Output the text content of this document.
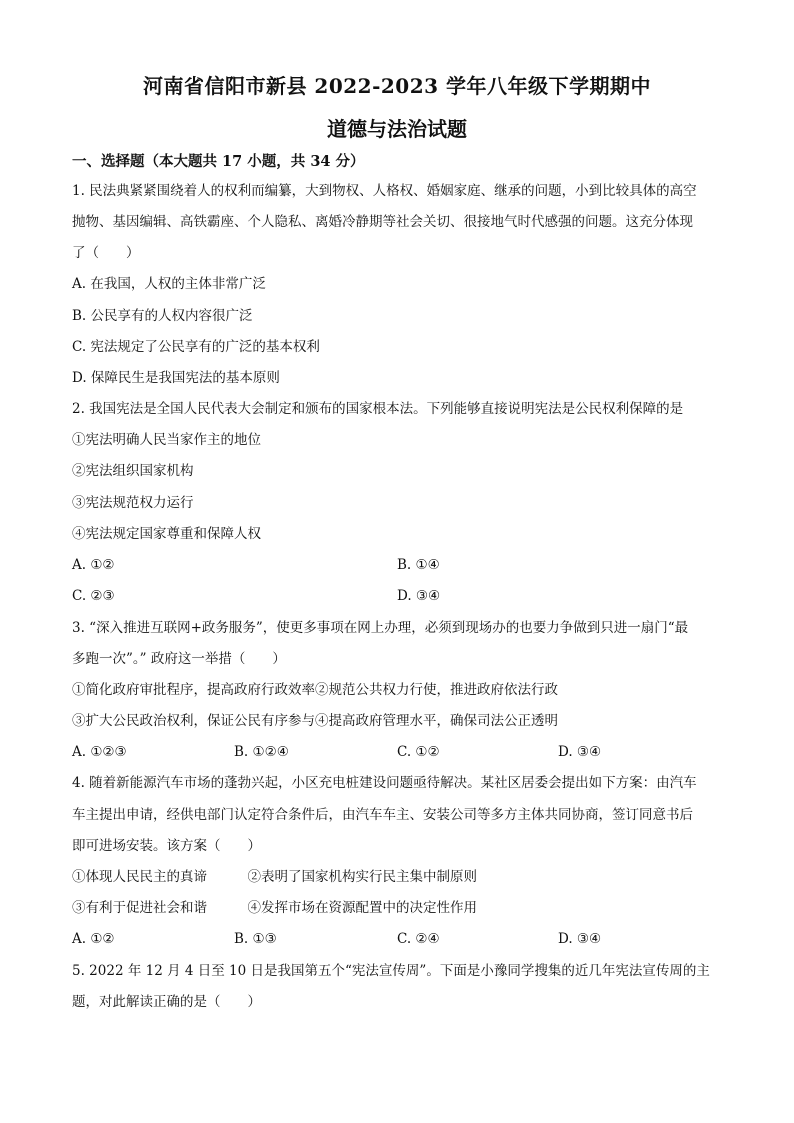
河南省信阳市新县 2022-2023 学年八年级下学期期中
道德与法治试题
一、选择题（本大题共 17 小题，共 34 分）
1. 民法典紧紧围绕着人的权利而编纂，大到物权、人格权、婚姻家庭、继承的问题，小到比较具体的高空
抛物、基因编辑、高铁霸座、个人隐私、离婚冷静期等社会关切、很接地气时代感强的问题。这充分体现
了（　　）
A. 在我国，人权的主体非常广泛
B. 公民享有的人权内容很广泛
C. 宪法规定了公民享有的广泛的基本权利
D. 保障民生是我国宪法的基本原则
2. 我国宪法是全国人民代表大会制定和颁布的国家根本法。下列能够直接说明宪法是公民权利保障的是
①宪法明确人民当家作主的地位
②宪法组织国家机构
③宪法规范权力运行
④宪法规定国家尊重和保障人权
A. ①②	B. ①④
C. ②③	D. ③④
3. “深入推进互联网+政务服务”，使更多事项在网上办理，必须到现场办的也要力争做到只进一扇门“最
多跑一次”。” 政府这一举措（　　）
①简化政府审批程序，提高政府行政效率②规范公共权力行使，推进政府依法行政
③扩大公民政治权利，保证公民有序参与④提高政府管理水平，确保司法公正透明
A. ①②③	B. ①②④	C. ①②	D. ③④
4. 随着新能源汽车市场的蓬勃兴起，小区充电桩建设问题亟待解决。某社区居委会提出如下方案：由汽车
车主提出申请，经供电部门认定符合条件后，由汽车车主、安装公司等多方主体共同协商，签订同意书后
即可进场安装。该方案（　　）
①体现人民民主的真谛　　　②表明了国家机构实行民主集中制原则
③有利于促进社会和谐　　　④发挥市场在资源配置中的决定性作用
A. ①②	B. ①③	C. ②④	D. ③④
5. 2022 年 12 月 4 日至 10 日是我国第五个“宪法宣传周”。下面是小豫同学搜集的近几年宪法宣传周的主
题，对此解读正确的是（　　）
